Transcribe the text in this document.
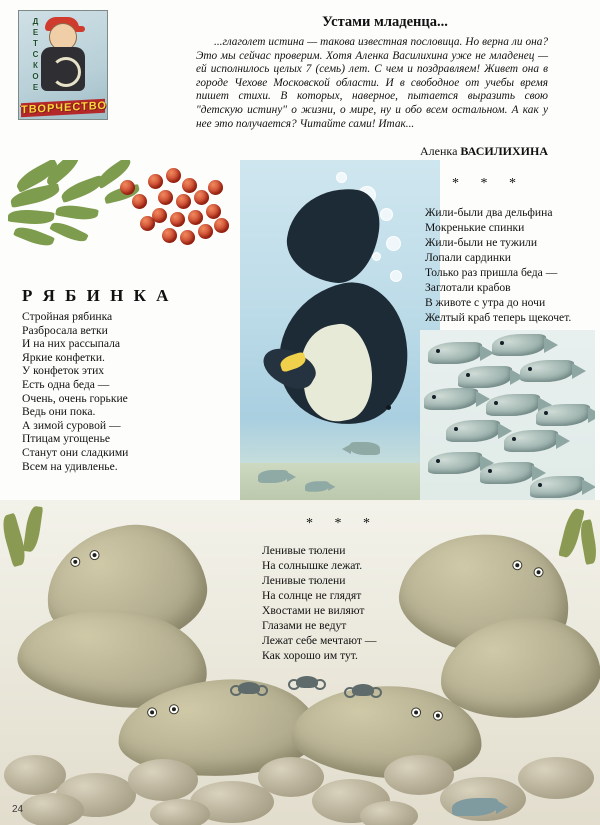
ДЕТСКОЕ
ТВОРЧЕСТВО
Устами младенца...
...глаголет истина — такова известная пословица. Но верна ли она? Это мы сейчас проверим. Хотя Аленка Василихина уже не младенец — ей исполнилось целых 7 (семь) лет. С чем и поздравляем! Живет она в городе Чехове Московской области. И в свободное от учебы время пишет стихи. В которых, наверное, пытается выразить свою "детскую истину" о жизни, о мире, ну и обо всем остальном. А как у нее это получается? Читайте сами! Итак...
Аленка ВАСИЛИХИНА
Р Я Б И Н К А
Стройная рябинка
Разбросала ветки
И на них рассыпала
Яркие конфетки.
У конфеток этих
Есть одна беда —
Очень, очень горькие
Ведь они пока.
А зимой суровой —
Птицам угощенье
Станут они сладкими
Всем на удивленье.
* * *
Жили-были два дельфина
Мокренькие спинки
Жили-были не тужили
Лопали сардинки
Только раз пришла беда —
Заглотали крабов
В животе с утра до ночи
Желтый краб теперь щекочет.
* * *
Ленивые тюлени
На солнышке лежат.
Ленивые тюлени
На солнце не глядят
Хвостами не виляют
Глазами не ведут
Лежат себе мечтают —
Как хорошо им тут.
24
